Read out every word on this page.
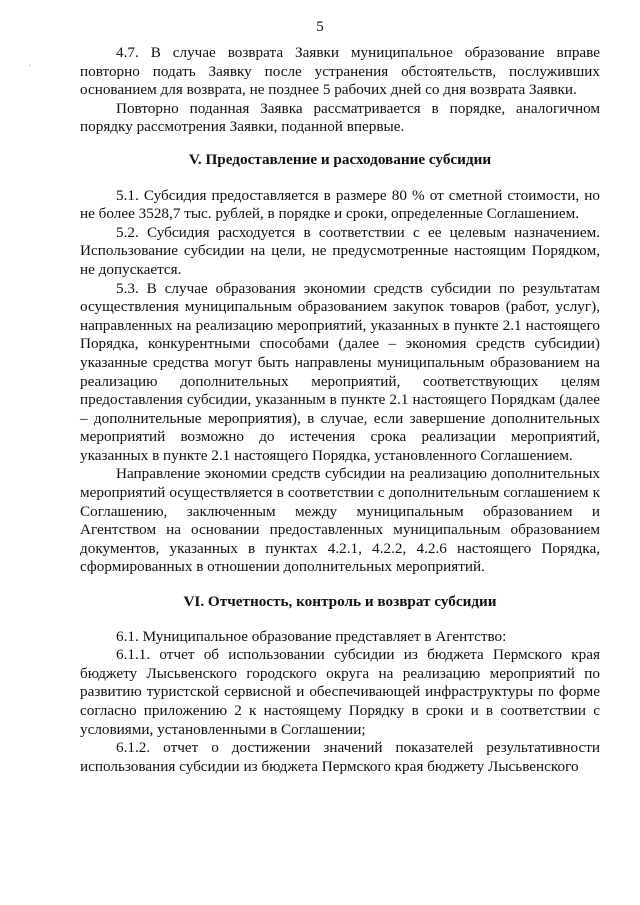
5
·

4.7. В случае возврата Заявки муниципальное образование вправе повторно подать Заявку после устранения обстоятельств, послуживших основанием для возврата, не позднее 5 рабочих дней со дня возврата Заявки.

Повторно поданная Заявка рассматривается в порядке, аналогичном порядку рассмотрения Заявки, поданной впервые.

V. Предоставление и расходование субсидии

5.1. Субсидия предоставляется в размере 80 % от сметной стоимости, но не более 3528,7 тыс. рублей, в порядке и сроки, определенные Соглашением.

5.2. Субсидия расходуется в соответствии с ее целевым назначением. Использование субсидии на цели, не предусмотренные настоящим Порядком, не допускается.

5.3. В случае образования экономии средств субсидии по результатам осуществления муниципальным образованием закупок товаров (работ, услуг), направленных на реализацию мероприятий, указанных в пункте 2.1 настоящего Порядка, конкурентными способами (далее – экономия средств субсидии) указанные средства могут быть направлены муниципальным образованием на реализацию дополнительных мероприятий, соответствующих целям предоставления субсидии, указанным в пункте 2.1 настоящего Порядкам (далее – дополнительные мероприятия), в случае, если завершение дополнительных мероприятий возможно до истечения срока реализации мероприятий, указанных в пункте 2.1 настоящего Порядка, установленного Соглашением.

Направление экономии средств субсидии на реализацию дополнительных мероприятий осуществляется в соответствии с дополнительным соглашением к Соглашению, заключенным между муниципальным образованием и Агентством на основании предоставленных муниципальным образованием документов, указанных в пунктах 4.2.1, 4.2.2, 4.2.6 настоящего Порядка, сформированных в отношении дополнительных мероприятий.

VI. Отчетность, контроль и возврат субсидии

6.1. Муниципальное образование представляет в Агентство:

6.1.1. отчет об использовании субсидии из бюджета Пермского края бюджету Лысьвенского городского округа на реализацию мероприятий по развитию туристской сервисной и обеспечивающей инфраструктуры по форме согласно приложению 2 к настоящему Порядку в сроки и в соответствии с условиями, установленными в Соглашении;

6.1.2. отчет о достижении значений показателей результативности использования субсидии из бюджета Пермского края бюджету Лысьвенского
